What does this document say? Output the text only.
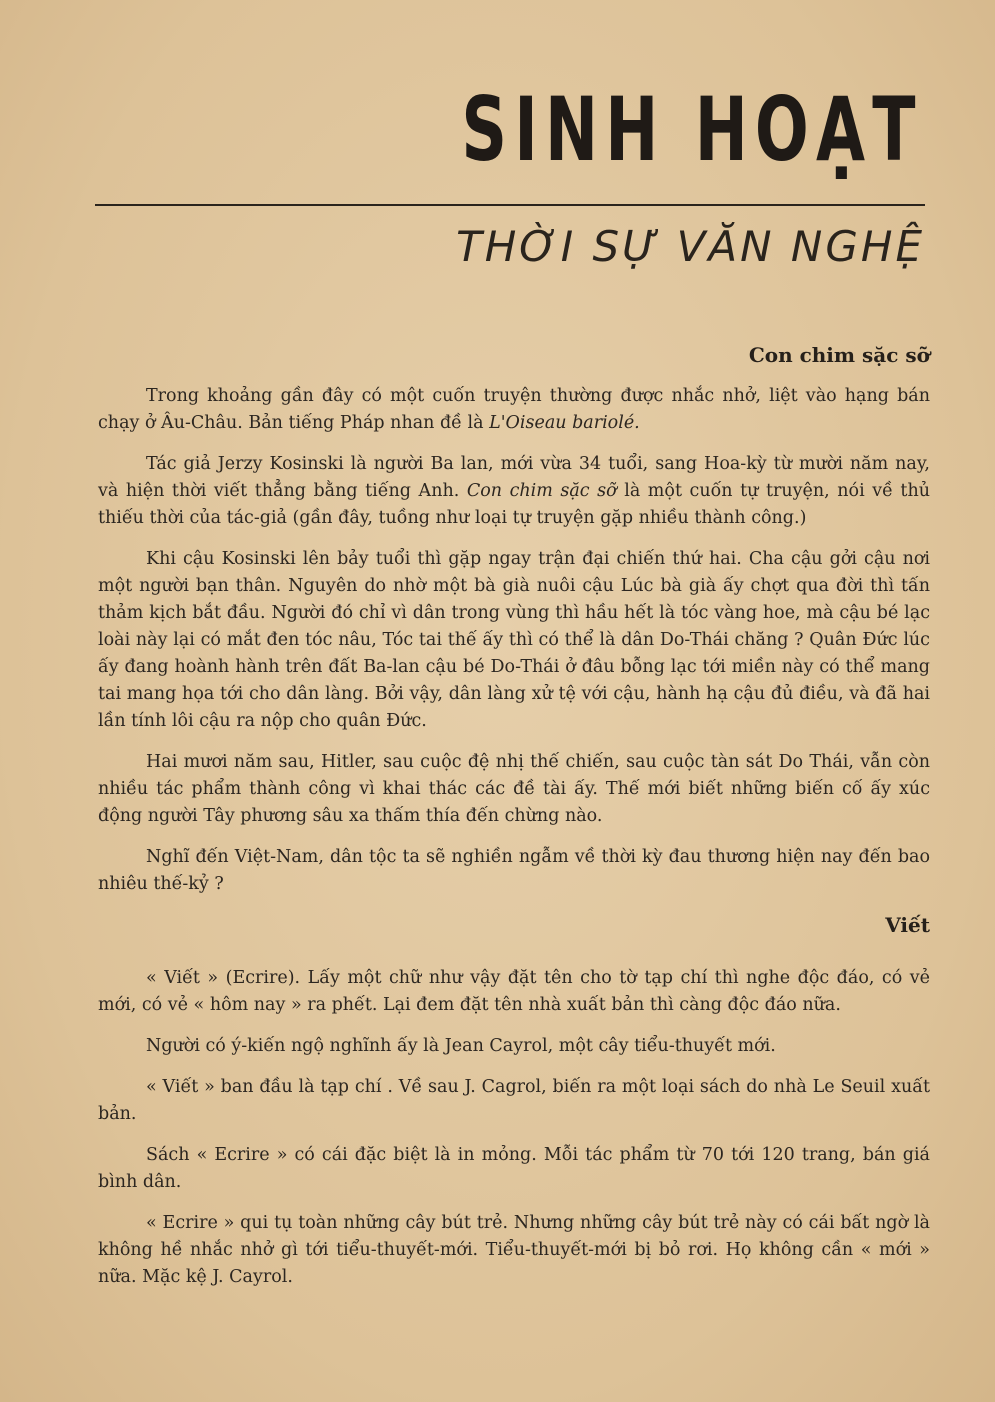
SINH HOẠT
THỜI SỰ VĂN NGHỆ
Con chim sặc sỡ

Trong khoảng gần đây có một cuốn truyện thường được nhắc nhở, liệt vào hạng bán chạy ở Âu-Châu. Bản tiếng Pháp nhan đề là L'Oiseau bariolé.

Tác giả Jerzy Kosinski là người Ba lan, mới vừa 34 tuổi, sang Hoa-kỳ từ mười năm nay, và hiện thời viết thẳng bằng tiếng Anh. Con chim sặc sỡ là một cuốn tự truyện, nói về thủ thiếu thời của tác-giả (gần đây, tuồng như loại tự truyện gặp nhiều thành công.)

Khi cậu Kosinski lên bảy tuổi thì gặp ngay trận đại chiến thứ hai. Cha cậu gởi cậu nơi một người bạn thân. Nguyên do nhờ một bà già nuôi cậu Lúc bà già ấy chợt qua đời thì tấn thảm kịch bắt đầu. Người đó chỉ vì dân trong vùng thì hầu hết là tóc vàng hoe, mà cậu bé lạc loài này lại có mắt đen tóc nâu, Tóc tai thế ấy thì có thể là dân Do-Thái chăng ? Quân Đức lúc ấy đang hoành hành trên đất Ba-lan cậu bé Do-Thái ở đâu bỗng lạc tới miền này có thể mang tai mang họa tới cho dân làng. Bởi vậy, dân làng xử tệ với cậu, hành hạ cậu đủ điều, và đã hai lần tính lôi cậu ra nộp cho quân Đức.

Hai mươi năm sau, Hitler, sau cuộc đệ nhị thế chiến, sau cuộc tàn sát Do Thái, vẫn còn nhiều tác phẩm thành công vì khai thác các đề tài ấy. Thế mới biết những biến cố ấy xúc động người Tây phương sâu xa thấm thía đến chừng nào.

Nghĩ đến Việt-Nam, dân tộc ta sẽ nghiền ngẫm về thời kỳ đau thương hiện nay đến bao nhiêu thế-kỷ ?

Viết

« Viết » (Ecrire). Lấy một chữ như vậy đặt tên cho tờ tạp chí thì nghe độc đáo, có vẻ mới, có vẻ « hôm nay » ra phết. Lại đem đặt tên nhà xuất bản thì càng độc đáo nữa.

Người có ý-kiến ngộ nghĩnh ấy là Jean Cayrol, một cây tiểu-thuyết mới.

« Viết » ban đầu là tạp chí . Về sau J. Cagrol, biến ra một loại sách do nhà Le Seuil xuất bản.

Sách « Ecrire » có cái đặc biệt là in mỏng. Mỗi tác phẩm từ 70 tới 120 trang, bán giá bình dân.

« Ecrire » qui tụ toàn những cây bút trẻ. Nhưng những cây bút trẻ này có cái bất ngờ là không hề nhắc nhở gì tới tiểu-thuyết-mới. Tiểu-thuyết-mới bị bỏ rơi. Họ không cần « mới » nữa. Mặc kệ J. Cayrol.
